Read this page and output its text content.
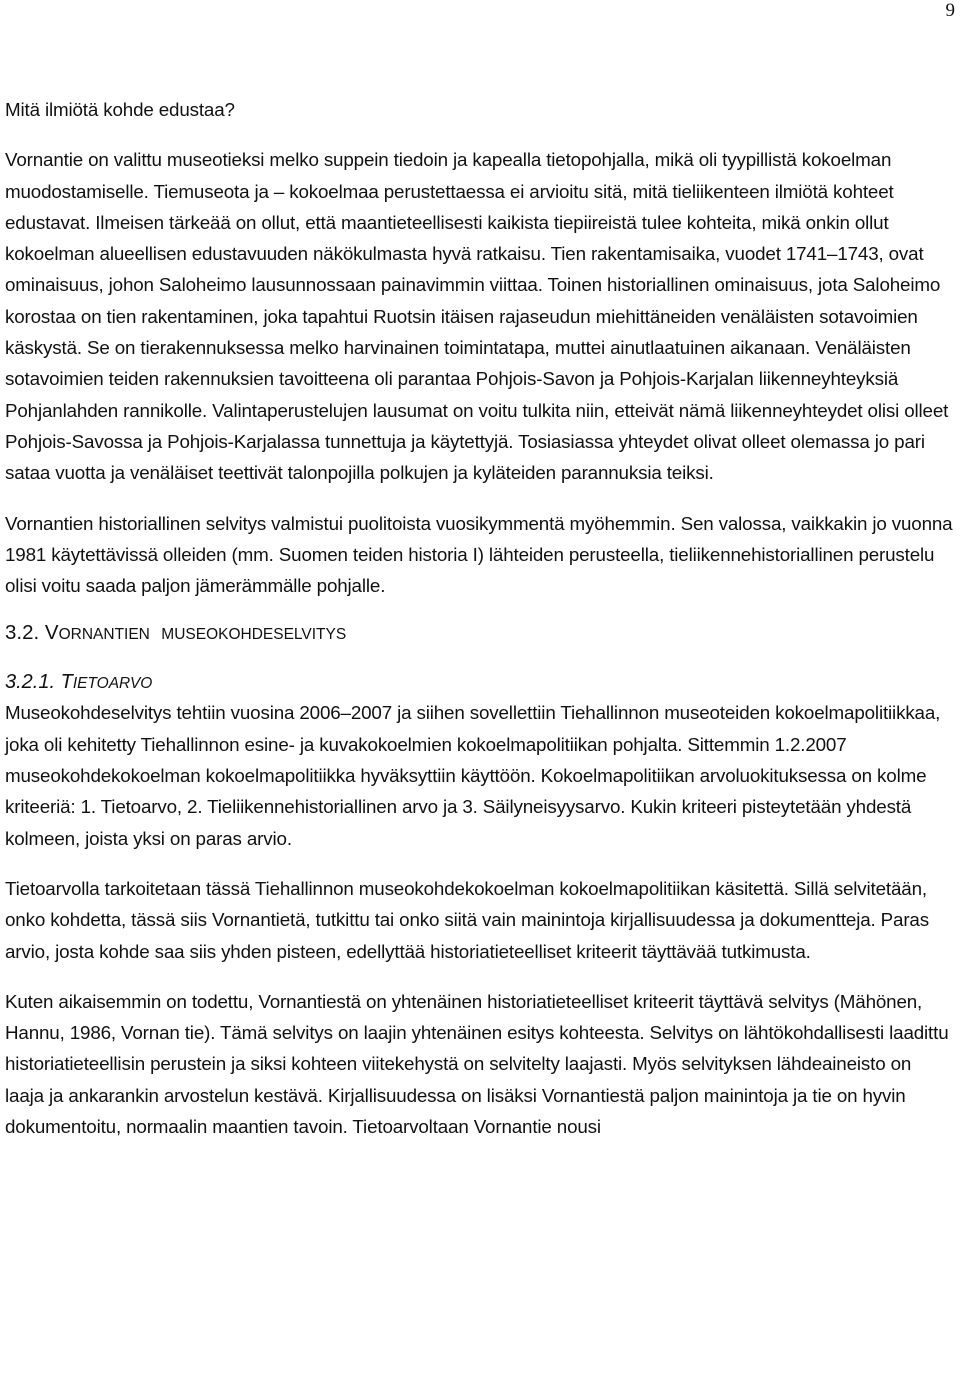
9

Mitä ilmiötä kohde edustaa?

Vornantie on valittu museotieksi melko suppein tiedoin ja kapealla tietopohjalla, mikä oli tyypillistä kokoelman muodostamiselle. Tiemuseota ja – kokoelmaa perustettaessa ei arvioitu sitä, mitä tieliikenteen ilmiötä kohteet edustavat. Ilmeisen tärkeää on ollut, että maantieteellisesti kaikista tiepiireistä tulee kohteita, mikä onkin ollut kokoelman alueellisen edustavuuden näkökulmasta hyvä ratkaisu. Tien rakentamisaika, vuodet 1741–1743, ovat ominaisuus, johon Saloheimo lausunnossaan painavimmin viittaa. Toinen historiallinen ominaisuus, jota Saloheimo korostaa on tien rakentaminen, joka tapahtui Ruotsin itäisen rajaseudun miehittäneiden venäläisten sotavoimien käskystä. Se on tierakennuksessa melko harvinainen toimintatapa, muttei ainutlaatuinen aikanaan. Venäläisten sotavoimien teiden rakennuksien tavoitteena oli parantaa Pohjois-Savon ja Pohjois-Karjalan liikenneyhteyksiä Pohjanlahden rannikolle. Valintaperustelujen lausumat on voitu tulkita niin, etteivät nämä liikenneyhteydet olisi olleet Pohjois-Savossa ja Pohjois-Karjalassa tunnettuja ja käytettyjä. Tosiasiassa yhteydet olivat olleet olemassa jo pari sataa vuotta ja venäläiset teettivät talonpojilla polkujen ja kyläteiden parannuksia teiksi.

Vornantien historiallinen selvitys valmistui puolitoista vuosikymmentä myöhemmin. Sen valossa, vaikkakin jo vuonna 1981 käytettävissä olleiden (mm. Suomen teiden historia I) lähteiden perusteella, tieliikennehistoriallinen perustelu olisi voitu saada paljon jämerämmälle pohjalle.

3.2. VORNANTIEN MUSEOKOHDESELVITYS

3.2.1. TIETOARVO

Museokohdeselvitys tehtiin vuosina 2006–2007 ja siihen sovellettiin Tiehallinnon museoteiden kokoelmapolitiikkaa, joka oli kehitetty Tiehallinnon esine- ja kuvakokoelmien kokoelmapolitiikan pohjalta. Sittemmin 1.2.2007 museokohdekokoelman kokoelmapolitiikka hyväksyttiin käyttöön. Kokoelmapolitiikan arvoluokituksessa on kolme kriteeriä: 1. Tietoarvo, 2. Tieliikennehistoriallinen arvo ja 3. Säilyneisyysarvo. Kukin kriteeri pisteytetään yhdestä kolmeen, joista yksi on paras arvio.

Tietoarvolla tarkoitetaan tässä Tiehallinnon museokohdekokoelman kokoelmapolitiikan käsitettä. Sillä selvitetään, onko kohdetta, tässä siis Vornantietä, tutkittu tai onko siitä vain mainintoja kirjallisuudessa ja dokumentteja. Paras arvio, josta kohde saa siis yhden pisteen, edellyttää historiatieteelliset kriteerit täyttävää tutkimusta.

Kuten aikaisemmin on todettu, Vornantiestä on yhtenäinen historiatieteelliset kriteerit täyttävä selvitys (Mähönen, Hannu, 1986, Vornan tie). Tämä selvitys on laajin yhtenäinen esitys kohteesta. Selvitys on lähtökohdallisesti laadittu historiatieteellisin perustein ja siksi kohteen viitekehystä on selvitelty laajasti. Myös selvityksen lähdeaineisto on laaja ja ankarankin arvostelun kestävä. Kirjallisuudessa on lisäksi Vornantiestä paljon mainintoja ja tie on hyvin dokumentoitu, normaalin maantien tavoin. Tietoarvoltaan Vornantie nousi
